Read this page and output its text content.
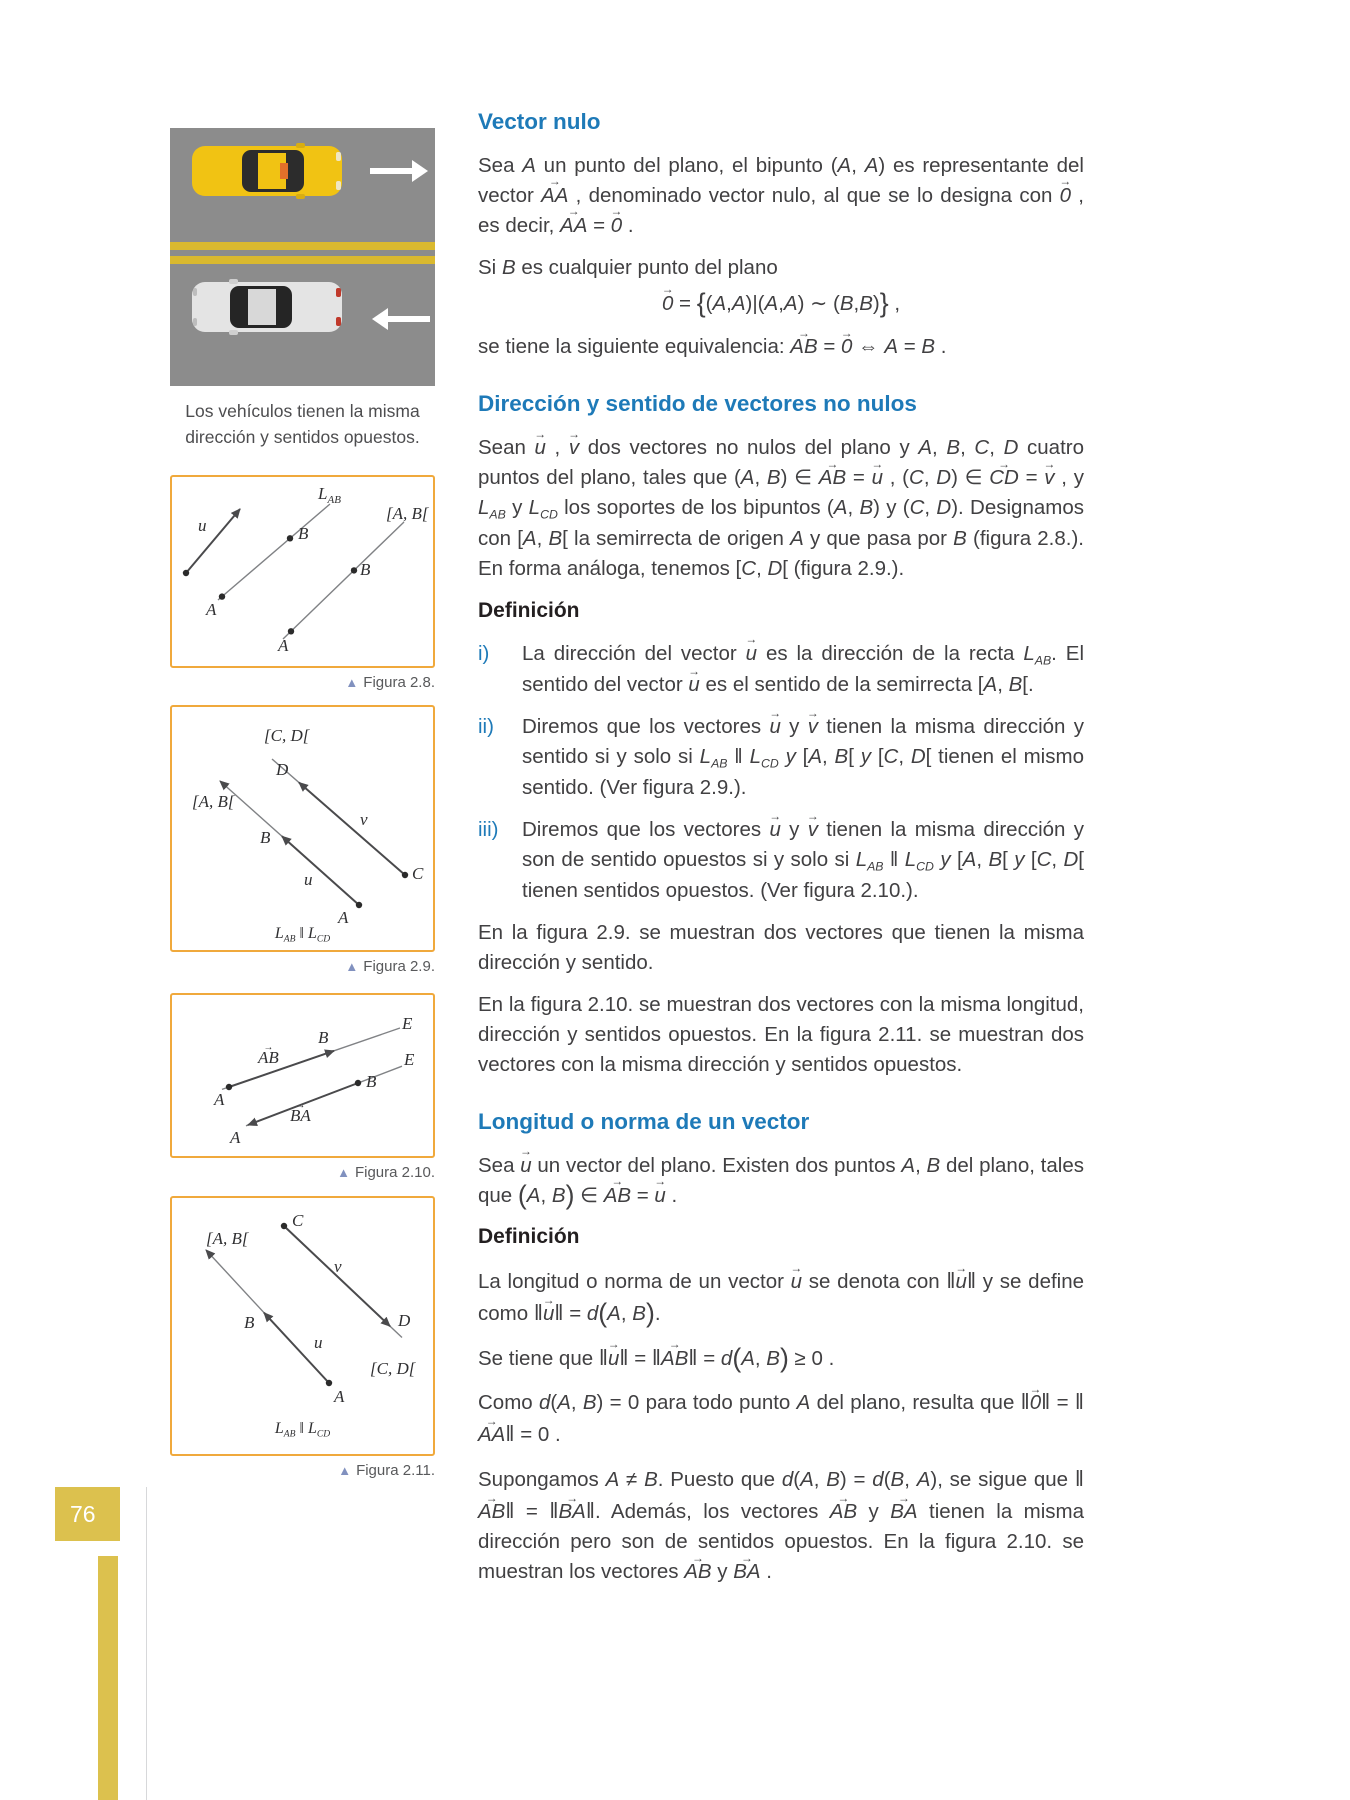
Los vehículos tienen la misma dirección y sentidos opuestos.
u
$L_{AB}$
[A, B[
B
B
A
A
▲ Figura 2.8.
[C, D[
D
[A, B[
B
v
u	C
A
$L_{AB}$ ‖ $L_{CD}$
▲ Figura 2.9.
E
E
B
AB →
A
B
BA →
A
▲ Figura 2.10.
C
[A, B[
v
B	D
u
[C, D[
A
$L_{AB}$ ‖ $L_{CD}$
▲ Figura 2.11.
Vector nulo

Sea A un punto del plano, el bipunto (A, A) es representante del vector AA → , denominado vector nulo, al que se lo designa con 0 → , es decir, AA → = 0 → .

Si B es cualquier punto del plano

0 → = {(A,A)|(A,A) ∼ (B,B)} ,

se tiene la siguiente equivalencia: AB → = 0 → ⇔ A = B .

Dirección y sentido de vectores no nulos

Sean u → , v → dos vectores no nulos del plano y A, B, C, D cuatro puntos del plano, tales que (A, B) ∈ AB → = u → , (C, D) ∈ CD → = v → , y $L_{AB}$ y $L_{CD}$ los soportes de los bipuntos (A, B) y (C, D). Designamos con [A, B[ la semirrecta de origen A y que pasa por B (figura 2.8.). En forma análoga, tenemos [C, D[ (figura 2.9.).

Definición
i)	La dirección del vector u → es la dirección de la recta $L_{AB}$. El sentido del vector u → es el sentido de la semirrecta [A, B[.
ii)	Diremos que los vectores u → y v → tienen la misma dirección y sentido si y solo si $L_{AB}$ ‖ $L_{CD}$ y [A, B[ y [C, D[ tienen el mismo sentido. (Ver figura 2.9.).
iii)	Diremos que los vectores u → y v → tienen la misma dirección y son de sentido opuestos si y solo si $L_{AB}$ ‖ $L_{CD}$ y [A, B[ y [C, D[ tienen sentidos opuestos. (Ver figura 2.10.).

En la figura 2.9. se muestran dos vectores que tienen la misma dirección y sentido.

En la figura 2.10. se muestran dos vectores con la misma longitud, dirección y sentidos opuestos. En la figura 2.11. se muestran dos vectores con la misma dirección y sentidos opuestos.

Longitud o norma de un vector

Sea u → un vector del plano. Existen dos puntos A, B del plano, tales que (A, B) ∈ AB → = u → .

Definición

La longitud o norma de un vector u → se denota con ‖u →‖ y se define como ‖u →‖ = d(A, B).

Se tiene que ‖u →‖ = ‖AB →‖ = d(A, B) ≥ 0 .

Como d(A, B) = 0 para todo punto A del plano, resulta que ‖0 →‖ = ‖AA →‖ = 0 .

Supongamos A ≠ B. Puesto que d(A, B) = d(B, A), se sigue que ‖AB →‖ = ‖BA →‖. Además, los vectores AB → y BA → tienen la misma dirección pero son de sentidos opuestos. En la figura 2.10. se muestran los vectores AB → y BA → .

76
